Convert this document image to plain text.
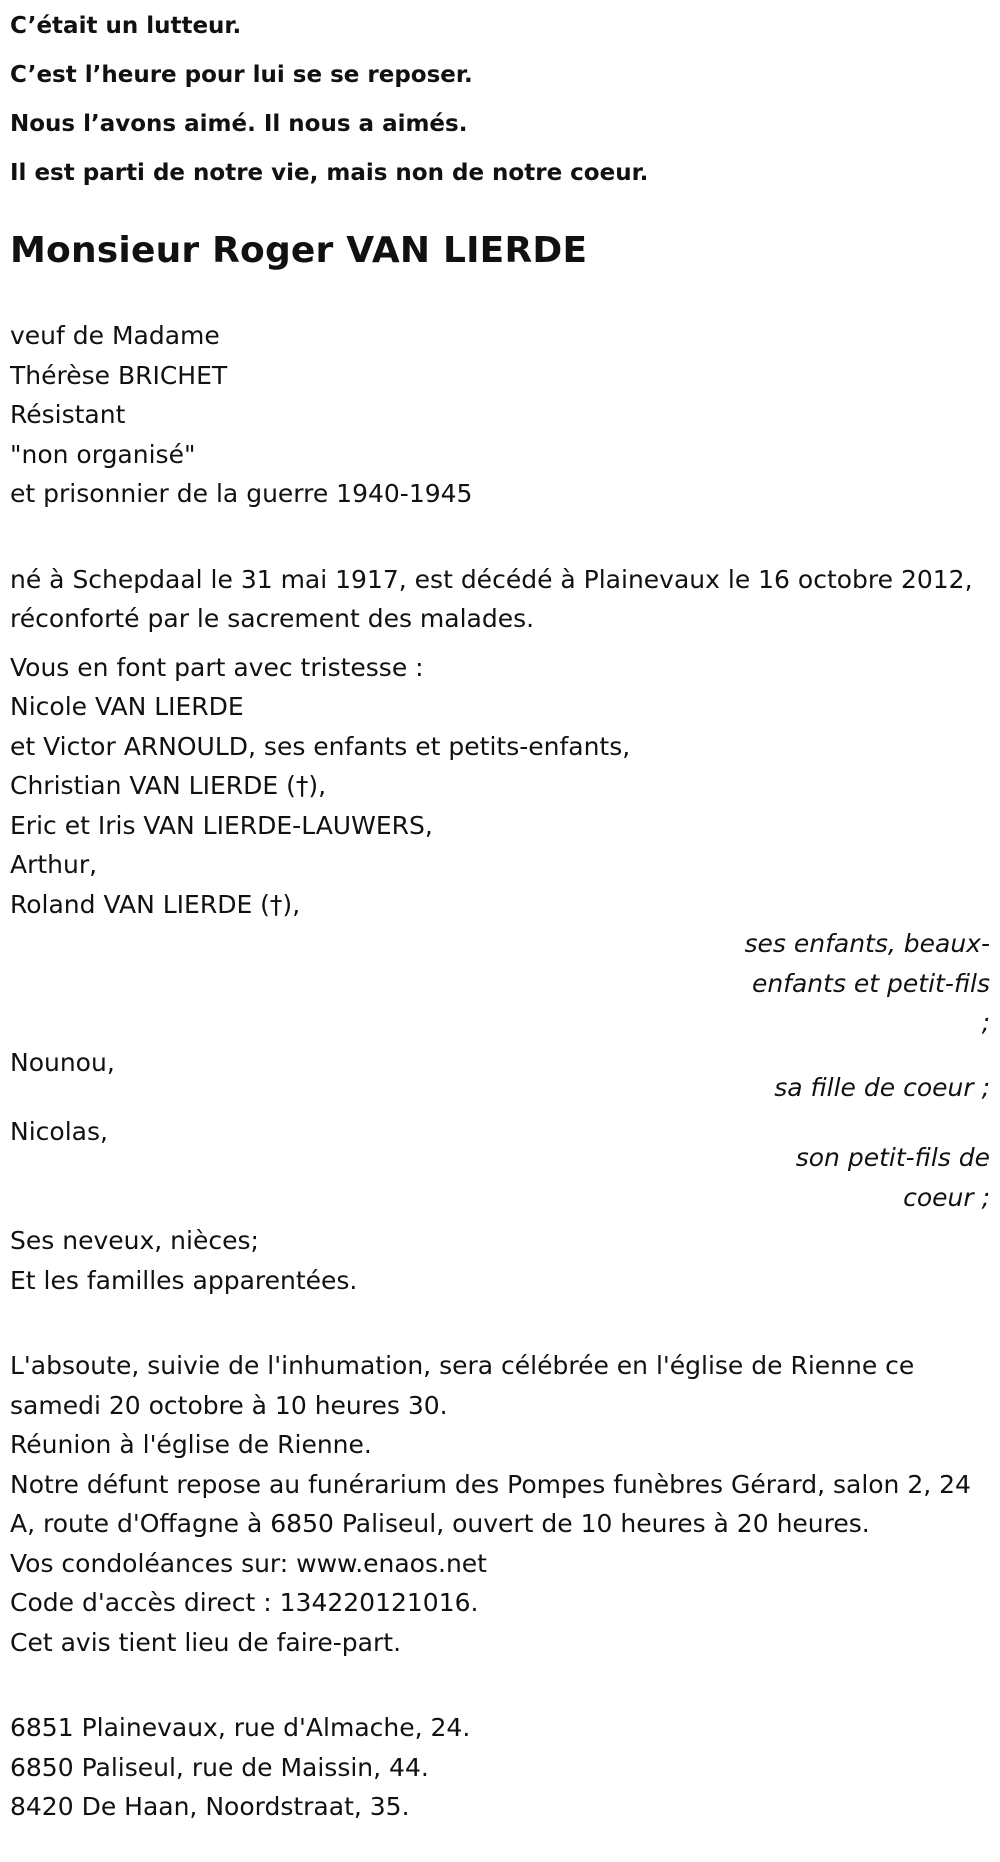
C’était un lutteur.

C’est l’heure pour lui se se reposer.

Nous l’avons aimé. Il nous a aimés.

Il est parti de notre vie, mais non de notre coeur.

Monsieur Roger VAN LIERDE

veuf de Madame

Thérèse BRICHET

Résistant

"non organisé"

et prisonnier de la guerre 1940-1945

né à Schepdaal le 31 mai 1917, est décédé à Plainevaux le 16 octobre 2012,

réconforté par le sacrement des malades.

Vous en font part avec tristesse :

Nicole VAN LIERDE

et Victor ARNOULD, ses enfants et petits-enfants,

Christian VAN LIERDE (†),

Eric et Iris VAN LIERDE-LAUWERS,

Arthur,

Roland VAN LIERDE (†),

ses enfants, beaux-enfants et petit-fils ;
Nounou,
sa fille de coeur ;
Nicolas,
son petit-fils de coeur ;

Ses neveux, nièces;

Et les familles apparentées.

L'absoute, suivie de l'inhumation, sera célébrée en l'église de Rienne ce samedi 20 octobre à 10 heures 30.

Réunion à l'église de Rienne.

Notre défunt repose au funérarium des Pompes funèbres Gérard, salon 2, 24 A, route d'Offagne à 6850 Paliseul, ouvert de 10 heures à 20 heures.

Vos condoléances sur: www.enaos.net

Code d'accès direct : 134220121016.

Cet avis tient lieu de faire-part.

6851 Plainevaux, rue d'Almache, 24.

6850 Paliseul, rue de Maissin, 44.

8420 De Haan, Noordstraat, 35.
